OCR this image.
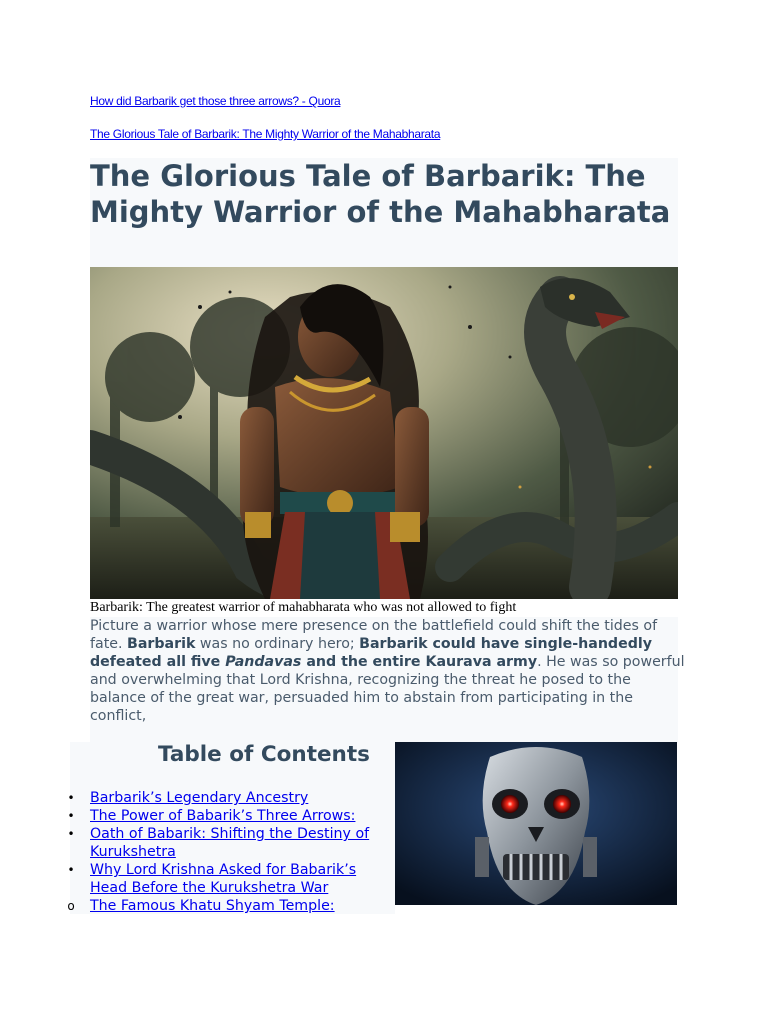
How did Barbarik get those three arrows? - Quora
The Glorious Tale of Barbarik: The Mighty Warrior of the Mahabharata
The Glorious Tale of Barbarik: The Mighty Warrior of the Mahabharata
Barbarik: The greatest warrior of mahabharata who was not allowed to fight

Picture a warrior whose mere presence on the battlefield could shift the tides of fate. Barbarik was no ordinary hero; Barbarik could have single-handedly defeated all five Pandavas and the entire Kaurava army. He was so powerful and overwhelming that Lord Krishna, recognizing the threat he posed to the balance of the great war, persuaded him to abstain from participating in the conflict,

Table of Contents
• Barbarik’s Legendary Ancestry
• The Power of Babarik’s Three Arrows:
• Oath of Babarik: Shifting the Destiny of Kurukshetra
• Why Lord Krishna Asked for Babarik’s Head Before the Kurukshetra War
o The Famous Khatu Shyam Temple:
